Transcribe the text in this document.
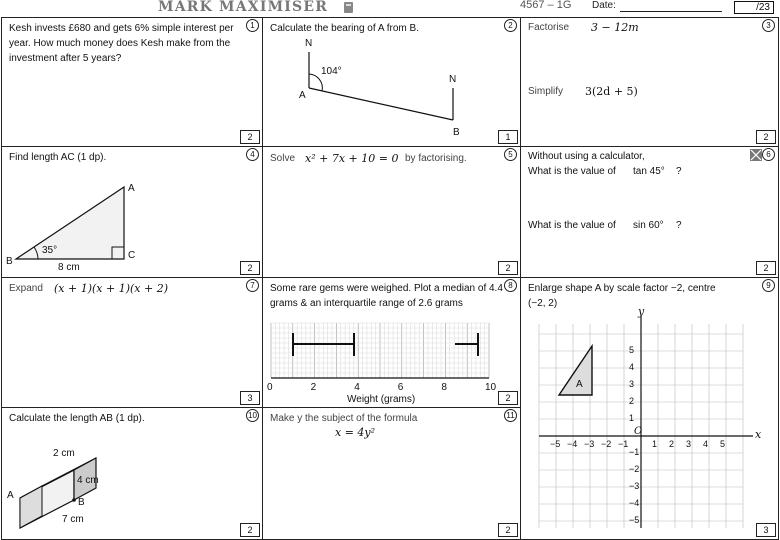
MARK MAXIMISER	4567 – 1G Date:	/23
Kesh invests £680 and gets 6% simple interest per year. How much money does Kesh make from the investment after 5 years?
1
2
Calculate the bearing of A from B.	2
N
104°
A
N
B	1
Factorise 3 − 12m
Simplify 3(2d + 5)
3
2
Find length AC (1 dp).	4
A
B
C
35°
8 cm	2
Solve x² + 7x + 10 = 0 by factorising.	5
2
Without using a calculator,
What is the value of tan 45° ?
What is the value of sin 60° ?
6
2
Expand (x + 1)(x + 1)(x + 2)	7
3
Some rare gems were weighed. Plot a median of 4.4 grams & an interquartile range of 2.6 grams
8
0	2	4	6	8	10
Weight (grams)	2
Enlarge shape A by scale factor −2, centre (−2, 2)
9
−5 −4 −3 −2 −1	1 2 3 4 5
5
4
3
2
1
−1
−2
−3
−4
−5
A
x
y
O
3
Calculate the length AB (1 dp).	10
2 cm
4 cm
7 cm
A
B
2
Make y the subject of the formula
x = 4y²
11
2
